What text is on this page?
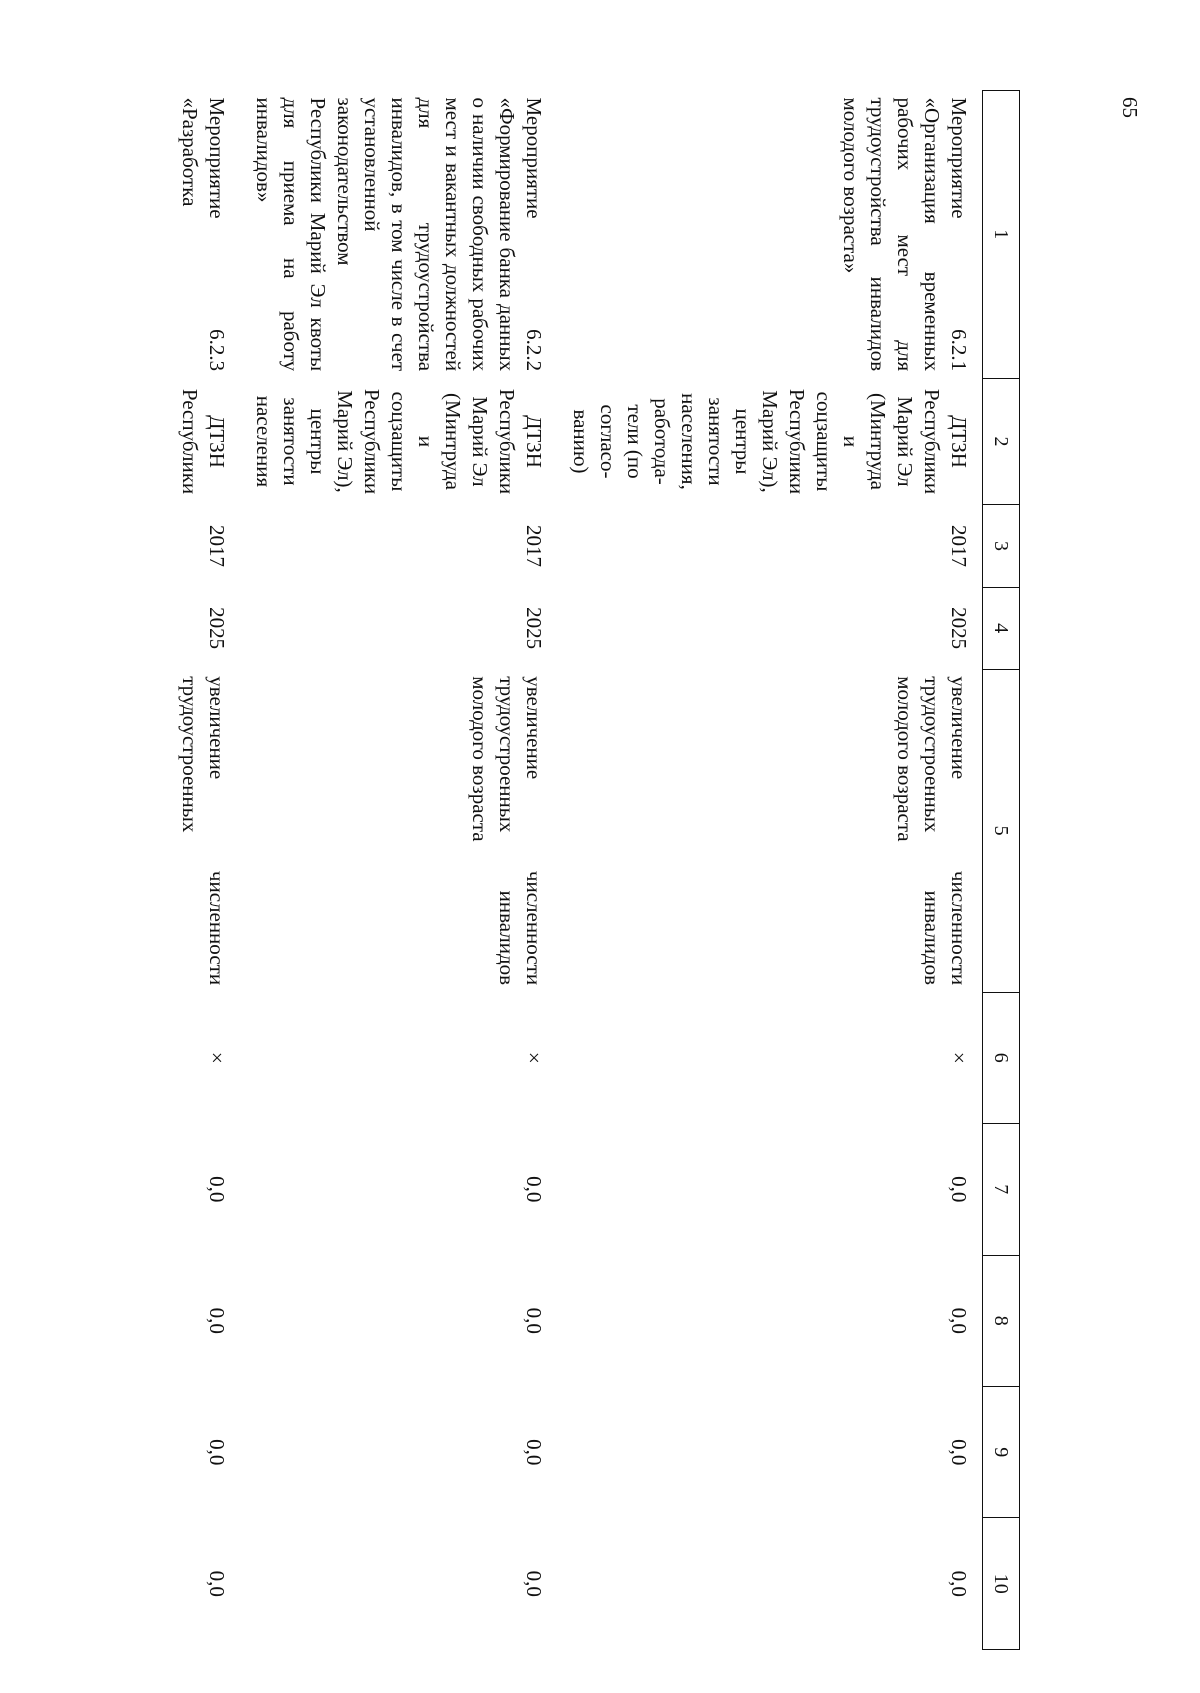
65
1	2	3	4	5	6	7	8	9	10
Мероприятие 6.2.1 «Организация временных рабочих мест для трудоустройства инвалидов молодого возраста»	ДТЗН Республики Марий Эл (Минтруда и соцзащиты Республики Марий Эл), центры занятости населения, работода-тели (по согласо-ванию)	2017	2025	увеличение численности трудоустроенных инвалидов молодого возраста	×	0,0	0,0	0,0	0,0
Мероприятие 6.2.2 «Формирование банка данных о наличии свободных рабочих мест и вакантных должностей для трудоустройства инвалидов, в том числе в счет установленной законодательством Республики Марий Эл квоты для приема на работу инвалидов»	ДТЗН Республики Марий Эл (Минтруда и соцзащиты Республики Марий Эл), центры занятости населения	2017	2025	увеличение численности трудоустроенных инвалидов молодого возраста	×	0,0	0,0	0,0	0,0
Мероприятие 6.2.3 «Разработка	ДТЗН Республики	2017	2025	увеличение численности трудоустроенных	×	0,0	0,0	0,0	0,0
